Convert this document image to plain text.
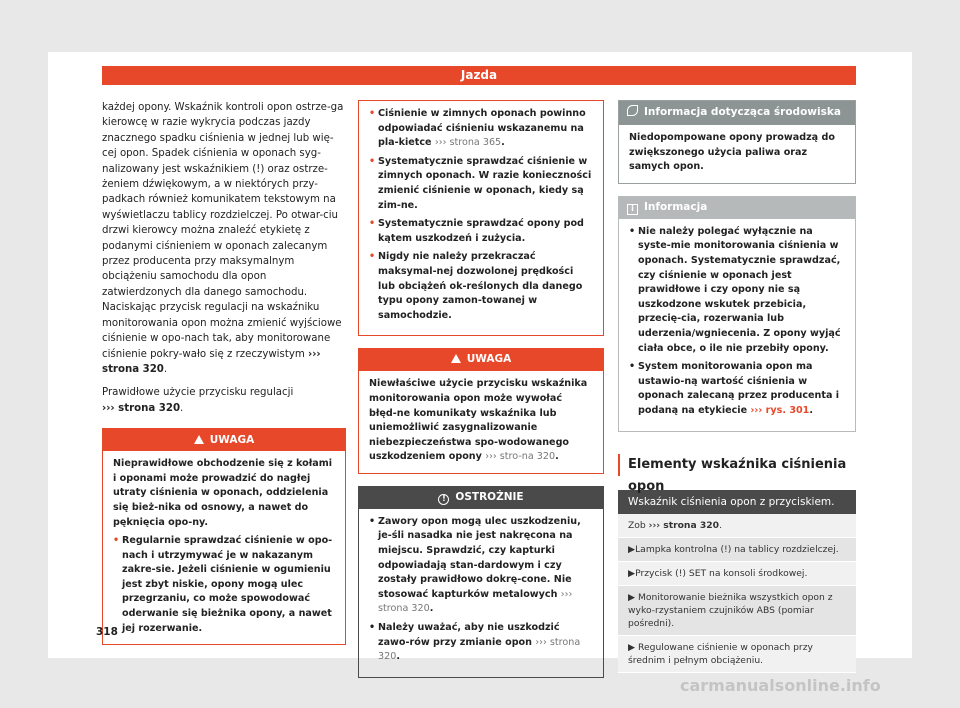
Jazda

każdej opony. Wskaźnik kontroli opon ostrze-ga kierowcę w razie wykrycia podczas jazdy znacznego spadku ciśnienia w jednej lub wię-cej opon. Spadek ciśnienia w oponach syg-nalizowany jest wskaźnikiem (!) oraz ostrze-żeniem dźwiękowym, a w niektórych przy-padkach również komunikatem tekstowym na wyświetlaczu tablicy rozdzielczej. Po otwar-ciu drzwi kierowcy można znaleźć etykietę z podanymi ciśnieniem w oponach zalecanym przez producenta przy maksymalnym obciążeniu samochodu dla opon zatwierdzonych dla danego samochodu. Naciskając przycisk regulacji na wskaźniku monitorowania opon można zmienić wyjściowe ciśnienie w opo-nach tak, aby monitorowane ciśnienie pokry-wało się z rzeczywistym ››› strona 320.

Prawidłowe użycie przycisku regulacji
››› strona 320.

UWAGA
Nieprawidłowe obchodzenie się z kołami i oponami może prowadzić do nagłej utraty ciśnienia w oponach, oddzielenia się bież-nika od osnowy, a nawet do pęknięcia opo-ny.
• Regularnie sprawdzać ciśnienie w opo-nach i utrzymywać je w nakazanym zakre-sie. Jeżeli ciśnienie w ogumieniu jest zbyt niskie, opony mogą ulec przegrzaniu, co może spowodować oderwanie się bieżnika opony, a nawet jej rozerwanie.
• Ciśnienie w zimnych oponach powinno odpowiadać ciśnieniu wskazanemu na pla-kietce ››› strona 365.
• Systematycznie sprawdzać ciśnienie w zimnych oponach. W razie konieczności zmienić ciśnienie w oponach, kiedy są zim-ne.
• Systematycznie sprawdzać opony pod kątem uszkodzeń i zużycia.
• Nigdy nie należy przekraczać maksymal-nej dozwolonej prędkości lub obciążeń ok-reślonych dla danego typu opony zamon-towanej w samochodzie.
UWAGA
Niewłaściwe użycie przycisku wskaźnika monitorowania opon może wywołać błęd-ne komunikaty wskaźnika lub uniemożliwić zasygnalizowanie niebezpieczeństwa spo-wodowanego uszkodzeniem opony ››› stro-na 320.
! OSTROŻNIE
• Zawory opon mogą ulec uszkodzeniu, je-śli nasadka nie jest nakręcona na miejscu. Sprawdzić, czy kapturki odpowiadają stan-dardowym i czy zostały prawidłowo dokrę-cone. Nie stosować kapturków metalowych ››› strona 320.
• Należy uważać, aby nie uszkodzić zawo-rów przy zmianie opon ››› strona 320.
Informacja dotycząca środowiska
Niedopompowane opony prowadzą do zwiększonego użycia paliwa oraz samych opon.
i Informacja
• Nie należy polegać wyłącznie na syste-mie monitorowania ciśnienia w oponach. Systematycznie sprawdzać, czy ciśnienie w oponach jest prawidłowe i czy opony nie są uszkodzone wskutek przebicia, przecię-cia, rozerwania lub uderzenia/wgniecenia. Z opony wyjąć ciała obce, o ile nie przebiły opony.
• System monitorowania opon ma ustawio-ną wartość ciśnienia w oponach zalecaną przez producenta i podaną na etykiecie ››› rys. 301.
Elementy wskaźnika ciśnienia opon
Wskaźnik ciśnienia opon z przyciskiem.
Zob ››› strona 320.
▶Lampka kontrolna (!) na tablicy rozdzielczej.
▶Przycisk (!) SET na konsoli środkowej.
▶ Monitorowanie bieżnika wszystkich opon z wyko-rzystaniem czujników ABS (pomiar pośredni).
▶ Regulowane ciśnienie w oponach przy średnim i pełnym obciążeniu.
318
carmanualsonline.info
